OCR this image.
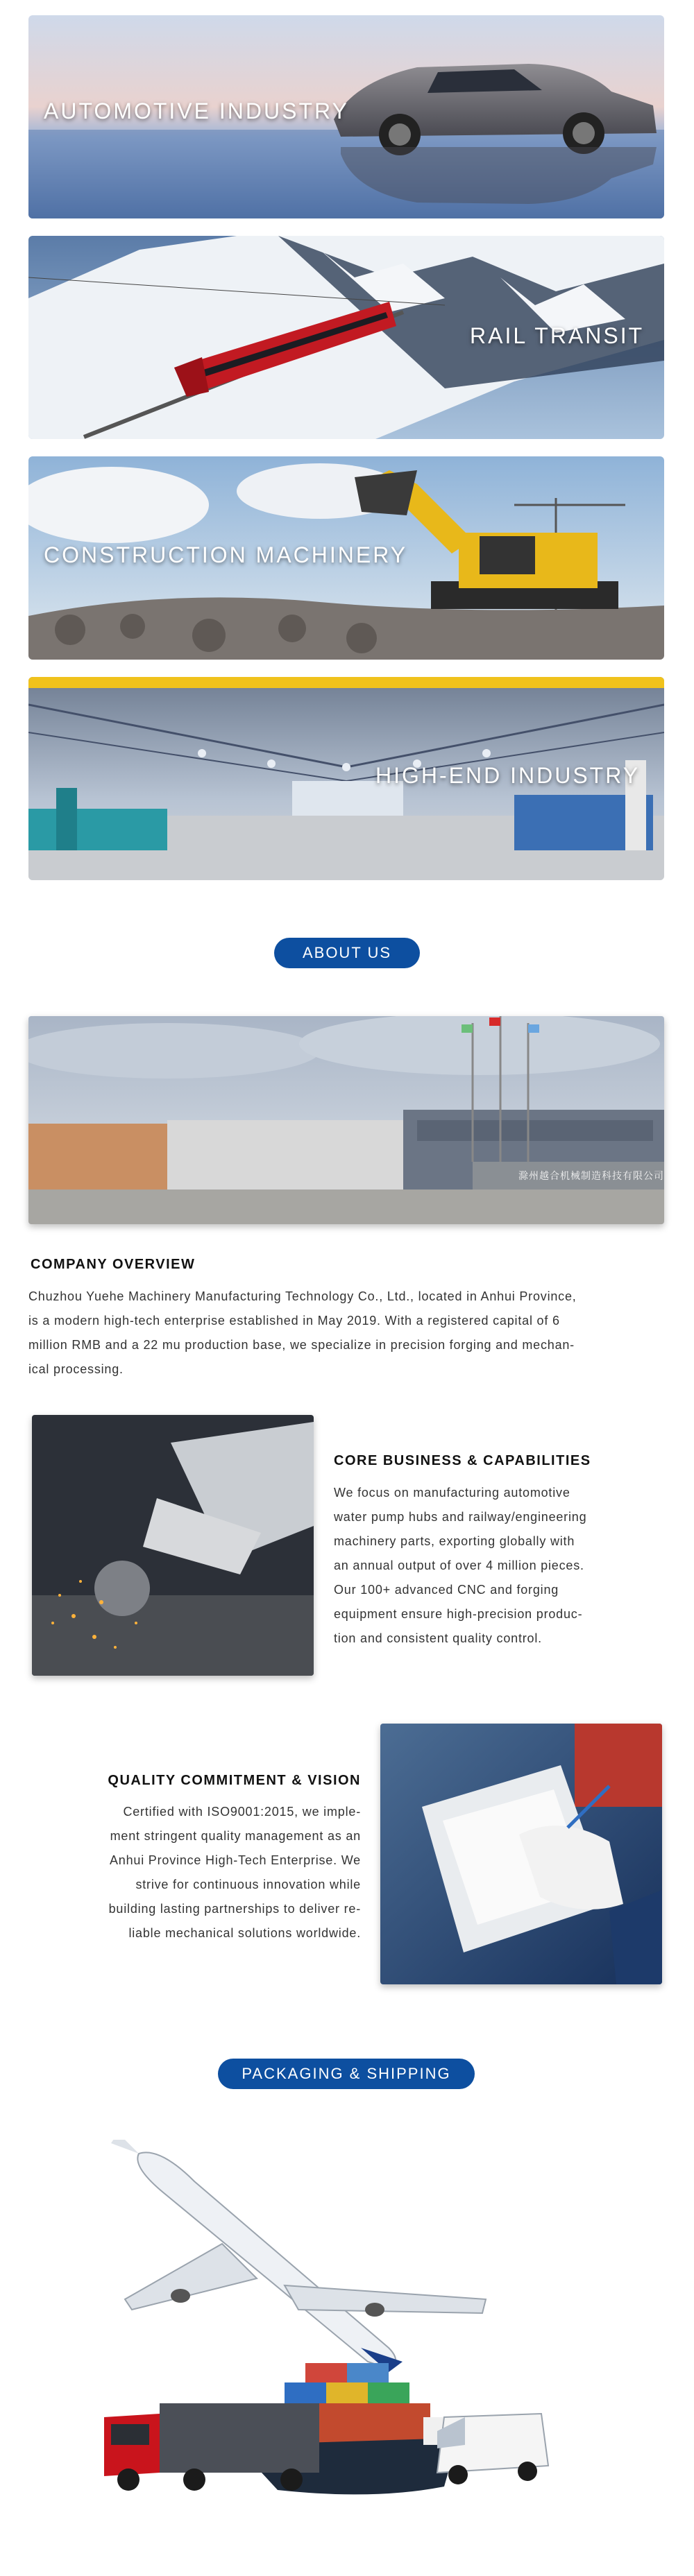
AUTOMOTIVE INDUSTRY
RAIL TRANSIT
CONSTRUCTION MACHINERY
HIGH-END INDUSTRY
ABOUT US
滁州越合机械制造科技有限公司
COMPANY OVERVIEW
Chuzhou Yuehe Machinery Manufacturing Technology Co., Ltd., located in Anhui Province,
is a modern high-tech enterprise established in May 2019. With a registered capital of 6
million RMB and a 22 mu production base, we specialize in precision forging and mechan-
ical processing.
CORE BUSINESS & CAPABILITIES
We focus on manufacturing automotive
water pump hubs and railway/engineering
machinery parts, exporting globally with
an annual output of over 4 million pieces.
Our 100+ advanced CNC and forging
equipment ensure high-precision produc-
tion and consistent quality control.
QUALITY COMMITMENT & VISION
Certified with ISO9001:2015, we imple-
ment stringent quality management as an
Anhui Province High-Tech Enterprise. We
strive for continuous innovation while
building lasting partnerships to deliver re-
liable mechanical solutions worldwide.
PACKAGING & SHIPPING
